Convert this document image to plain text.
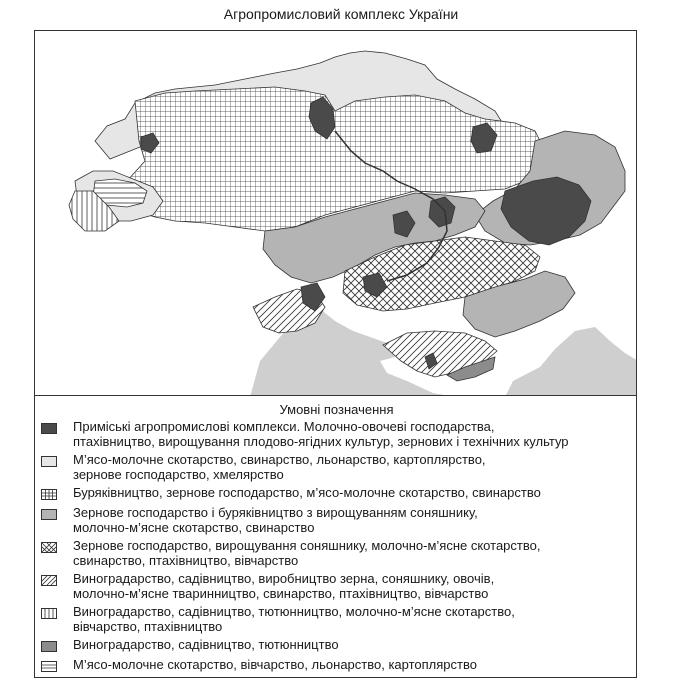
Агропромисловий комплекс України
Умовні позначення
Приміські агропромислові комплекси. Молочно-овочеві господарства,
птахівництво, вирощування плодово-ягідних культур, зернових і технічних культур
М’ясо-молочне скотарство, свинарство, льонарство, картоплярство,
зернове господарство, хмелярство
Буряківництво, зернове господарство, м’ясо-молочне скотарство, свинарство
Зернове господарство і буряківництво з вирощуванням соняшнику,
молочно-м’ясне скотарство, свинарство
Зернове господарство, вирощування соняшнику, молочно-м’ясне скотарство,
свинарство, птахівництво, вівчарство
Виноградарство, садівництво, виробництво зерна, соняшнику, овочів,
молочно-м’ясне тваринництво, свинарство, птахівництво, вівчарство
Виноградарство, садівництво, тютюнництво, молочно-м’ясне скотарство,
вівчарство, птахівництво
Виноградарство, садівництво, тютюнництво
М’ясо-молочне скотарство, вівчарство, льонарство, картоплярство
